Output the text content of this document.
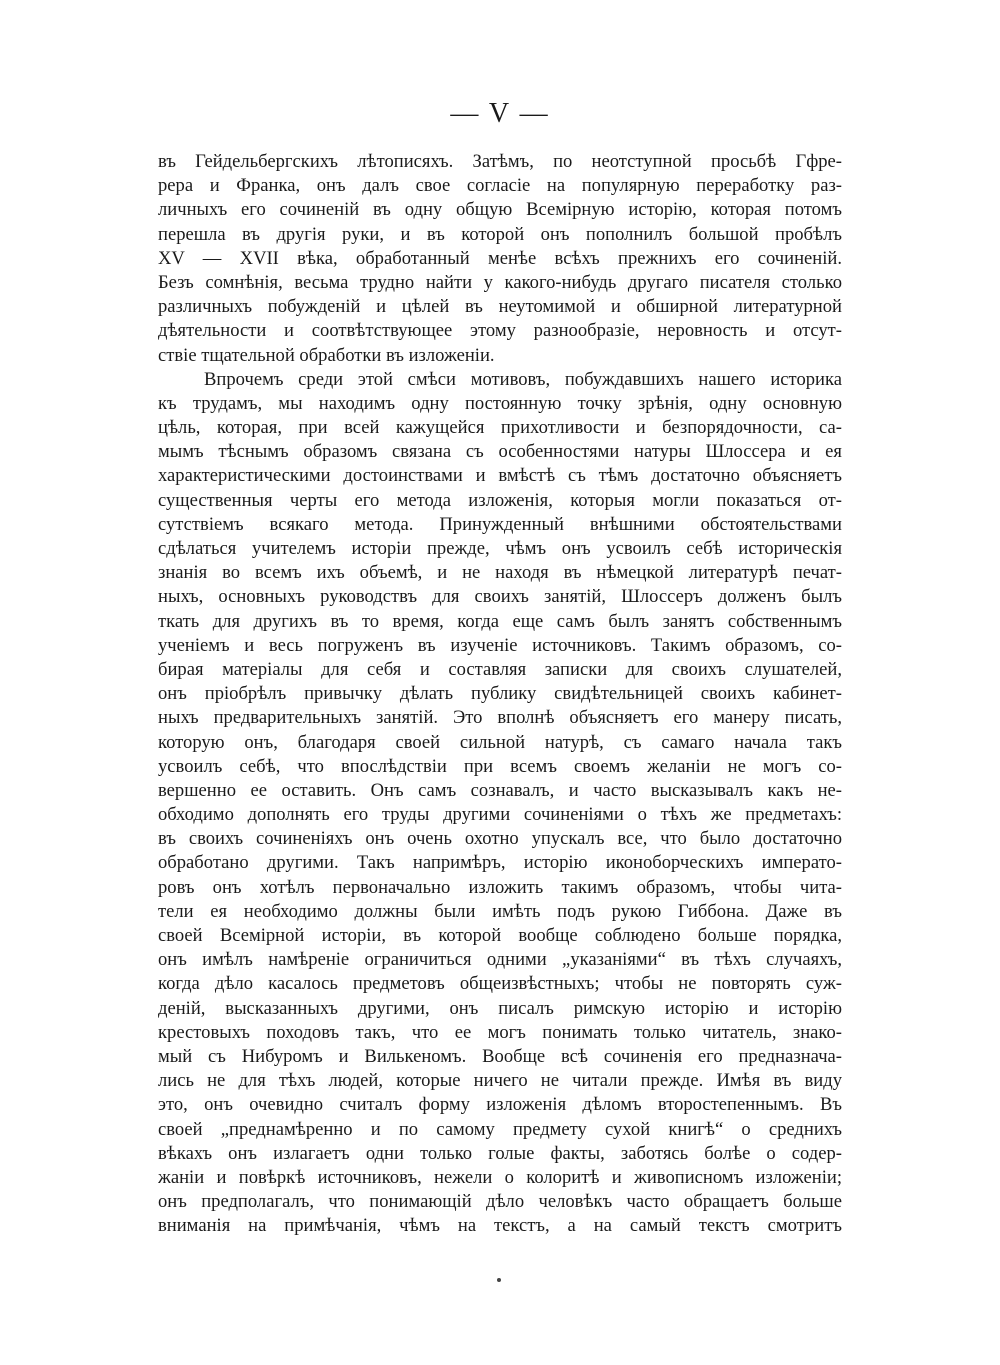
— V —
въ Гейдельбергскихъ лѣтописяхъ. Затѣмъ, по неотступной просьбѣ Гфре-
рера и Франка, онъ далъ свое согласіе на популярную переработку раз-
личныхъ его сочиненій въ одну общую Всемірную исторію, которая потомъ
перешла въ другія руки, и въ которой онъ пополнилъ большой пробѣлъ
XV — XVII вѣка, обработанный менѣе всѣхъ прежнихъ его сочиненій.
Безъ сомнѣнія, весьма трудно найти у какого-нибудь другаго писателя столько
различныхъ побужденій и цѣлей въ неутомимой и обширной литературной
дѣятельности и соотвѣтствующее этому разнообразіе, неровность и отсут-
ствіе тщательной обработки въ изложеніи.
Впрочемъ среди этой смѣси мотивовъ, побуждавшихъ нашего историка
къ трудамъ, мы находимъ одну постоянную точку зрѣнія, одну основную
цѣль, которая, при всей кажущейся прихотливости и безпорядочности, са-
мымъ тѣснымъ образомъ связана съ особенностями натуры Шлоссера и ея
характеристическими достоинствами и вмѣстѣ съ тѣмъ достаточно объясняетъ
существенныя черты его метода изложенія, которыя могли показаться от-
сутствіемъ всякаго метода. Принужденный внѣшними обстоятельствами
сдѣлаться учителемъ исторіи прежде, чѣмъ онъ усвоилъ себѣ историческія
знанія во всемъ ихъ объемѣ, и не находя въ нѣмецкой литературѣ печат-
ныхъ, основныхъ руководствъ для своихъ занятій, Шлоссеръ долженъ былъ
ткать для другихъ въ то время, когда еще самъ былъ занятъ собственнымъ
ученіемъ и весь погруженъ въ изученіе источниковъ. Такимъ образомъ, со-
бирая матеріалы для себя и составляя записки для своихъ слушателей,
онъ пріобрѣлъ привычку дѣлать публику свидѣтельницей своихъ кабинет-
ныхъ предварительныхъ занятій. Это вполнѣ объясняетъ его манеру писать,
которую онъ, благодаря своей сильной натурѣ, съ самаго начала такъ
усвоилъ себѣ, что впослѣдствіи при всемъ своемъ желаніи не могъ со-
вершенно ее оставить. Онъ самъ сознавалъ, и часто высказывалъ какъ не-
обходимо дополнять его труды другими сочиненіями о тѣхъ же предметахъ:
въ своихъ сочиненіяхъ онъ очень охотно упускалъ все, что было достаточно
обработано другими. Такъ напримѣръ, исторію иконоборческихъ императо-
ровъ онъ хотѣлъ первоначально изложить такимъ образомъ, чтобы чита-
тели ея необходимо должны были имѣть подъ рукою Гиббона. Даже въ
своей Всемірной исторіи, въ которой вообще соблюдено больше порядка,
онъ имѣлъ намѣреніе ограничиться одними „указаніями“ въ тѣхъ случаяхъ,
когда дѣло касалось предметовъ общеизвѣстныхъ; чтобы не повторять суж-
деній, высказанныхъ другими, онъ писалъ римскую исторію и исторію
крестовыхъ походовъ такъ, что ее могъ понимать только читатель, знако-
мый съ Нибуромъ и Вилькеномъ. Вообще всѣ сочиненія его предназнача-
лись не для тѣхъ людей, которые ничего не читали прежде. Имѣя въ виду
это, онъ очевидно считалъ форму изложенія дѣломъ второстепеннымъ. Въ
своей „преднамѣренно и по самому предмету сухой книгѣ“ о среднихъ
вѣкахъ онъ излагаетъ одни только голые факты, заботясь болѣе о содер-
жаніи и повѣркѣ источниковъ, нежели о колоритѣ и живописномъ изложеніи;
онъ предполагалъ, что понимающій дѣло человѣкъ часто обращаетъ больше
вниманія на примѣчанія, чѣмъ на текстъ, а на самый текстъ смотритъ
